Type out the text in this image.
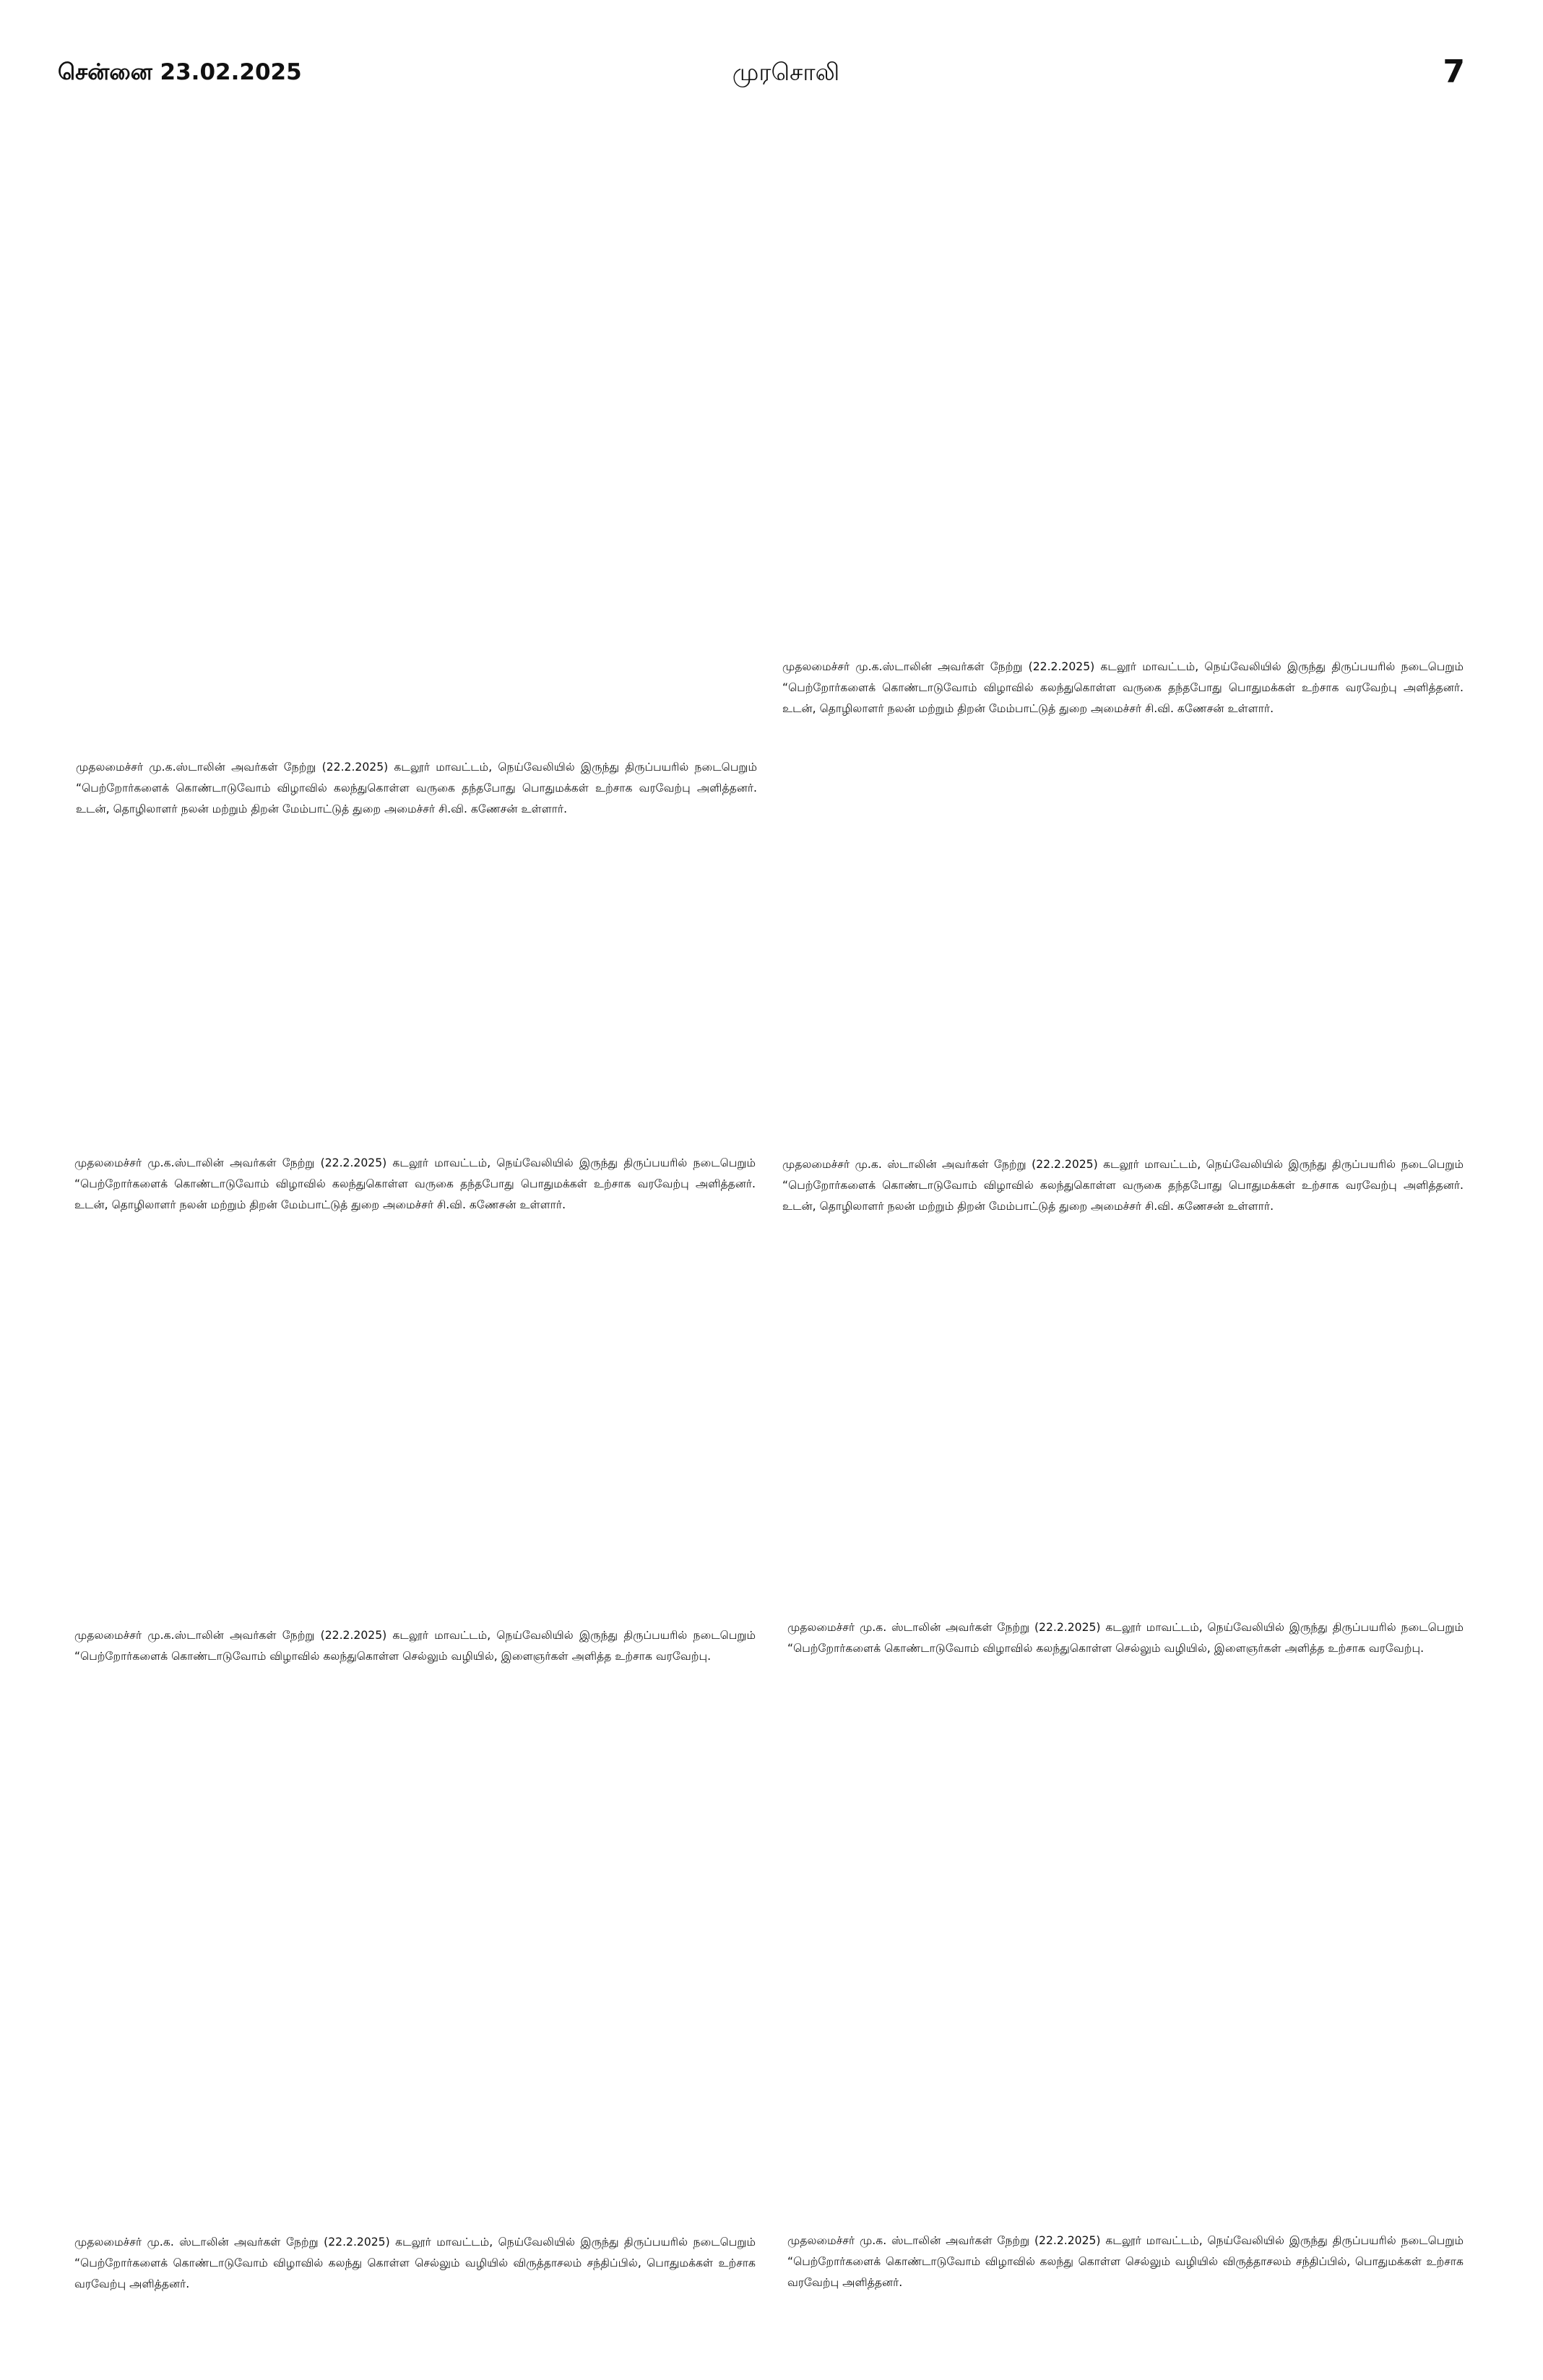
சென்னை 23.02.2025	முரசொலி	7

முதலமைச்சர் மு.க.ஸ்டாலின் அவர்கள் நேற்று (22.2.2025) கடலூர் மாவட்டம், நெய்வேலியில் இருந்து திருப்பயரில் நடைபெறும் “பெற்றோர்களைக் கொண்டாடுவோம் விழாவில் கலந்துகொள்ள வருகை தந்தபோது பொதுமக்கள் உற்சாக வரவேற்பு அளித்தனர். உடன், தொழிலாளர் நலன் மற்றும் திறன் மேம்பாட்டுத் துறை அமைச்சர் சி.வி. கணேசன் உள்ளார்.

முதலமைச்சர் மு.க.ஸ்டாலின் அவர்கள் நேற்று (22.2.2025) கடலூர் மாவட்டம், நெய்வேலியில் இருந்து திருப்பயரில் நடைபெறும் “பெற்றோர்களைக் கொண்டாடுவோம் விழாவில் கலந்துகொள்ள வருகை தந்தபோது பொதுமக்கள் உற்சாக வரவேற்பு அளித்தனர். உடன், தொழிலாளர் நலன் மற்றும் திறன் மேம்பாட்டுத் துறை அமைச்சர் சி.வி. கணேசன் உள்ளார்.

முதலமைச்சர் மு.க.ஸ்டாலின் அவர்கள் நேற்று (22.2.2025) கடலூர் மாவட்டம், நெய்வேலியில் இருந்து திருப்பயரில் நடைபெறும் “பெற்றோர்களைக் கொண்டாடுவோம் விழாவில் கலந்துகொள்ள வருகை தந்தபோது பொதுமக்கள் உற்சாக வரவேற்பு அளித்தனர். உடன், தொழிலாளர் நலன் மற்றும் திறன் மேம்பாட்டுத் துறை அமைச்சர் சி.வி. கணேசன் உள்ளார்.

முதலமைச்சர் மு.க. ஸ்டாலின் அவர்கள் நேற்று (22.2.2025) கடலூர் மாவட்டம், நெய்வேலியில் இருந்து திருப்பயரில் நடைபெறும் “பெற்றோர்களைக் கொண்டாடுவோம் விழாவில் கலந்துகொள்ள வருகை தந்தபோது பொதுமக்கள் உற்சாக வரவேற்பு அளித்தனர். உடன், தொழிலாளர் நலன் மற்றும் திறன் மேம்பாட்டுத் துறை அமைச்சர் சி.வி. கணேசன் உள்ளார்.

முதலமைச்சர் மு.க.ஸ்டாலின் அவர்கள் நேற்று (22.2.2025) கடலூர் மாவட்டம், நெய்வேலியில் இருந்து திருப்பயரில் நடைபெறும் “பெற்றோர்களைக் கொண்டாடுவோம் விழாவில் கலந்துகொள்ள செல்லும் வழியில், இளைஞர்கள் அளித்த உற்சாக வரவேற்பு.

முதலமைச்சர் மு.க. ஸ்டாலின் அவர்கள் நேற்று (22.2.2025) கடலூர் மாவட்டம், நெய்வேலியில் இருந்து திருப்பயரில் நடைபெறும் “பெற்றோர்களைக் கொண்டாடுவோம் விழாவில் கலந்துகொள்ள செல்லும் வழியில், இளைஞர்கள் அளித்த உற்சாக வரவேற்பு.

முதலமைச்சர் மு.க. ஸ்டாலின் அவர்கள் நேற்று (22.2.2025) கடலூர் மாவட்டம், நெய்வேலியில் இருந்து திருப்பயரில் நடைபெறும் “பெற்றோர்களைக் கொண்டாடுவோம் விழாவில் கலந்து கொள்ள செல்லும் வழியில் விருத்தாசலம் சந்திப்பில், பொதுமக்கள் உற்சாக வரவேற்பு அளித்தனர்.

முதலமைச்சர் மு.க. ஸ்டாலின் அவர்கள் நேற்று (22.2.2025) கடலூர் மாவட்டம், நெய்வேலியில் இருந்து திருப்பயரில் நடைபெறும் “பெற்றோர்களைக் கொண்டாடுவோம் விழாவில் கலந்து கொள்ள செல்லும் வழியில் விருத்தாசலம் சந்திப்பில், பொதுமக்கள் உற்சாக வரவேற்பு அளித்தனர்.
